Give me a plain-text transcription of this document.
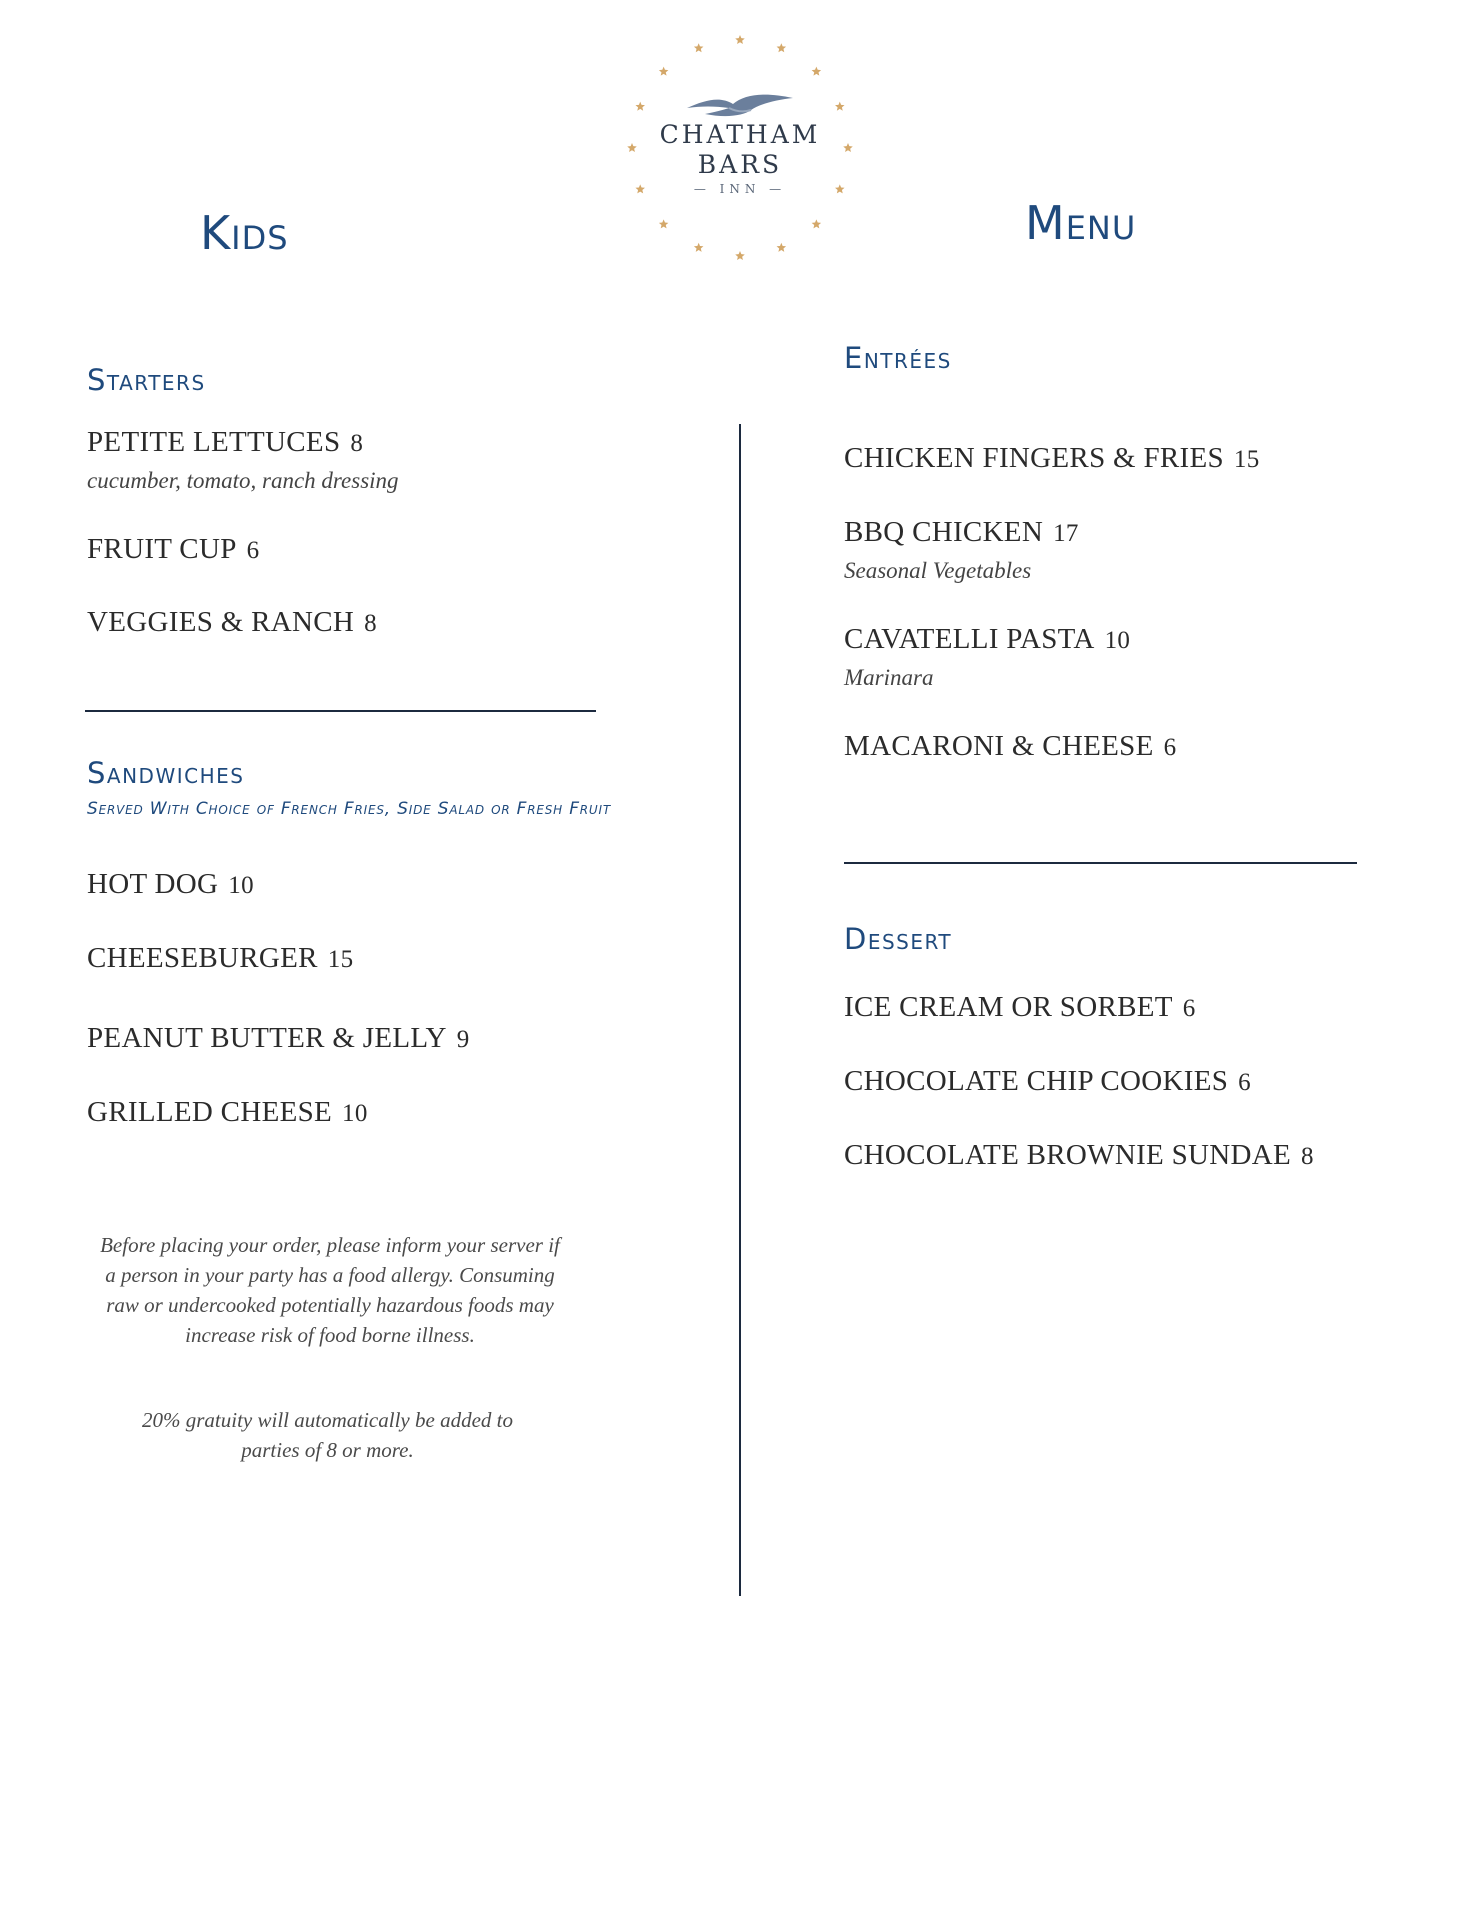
CHATHAM
BARS
— INN —
Kids	Menu
Starters
PETITE LETTUCES 8
cucumber, tomato, ranch dressing
FRUIT CUP 6
VEGGIES & RANCH 8
Sandwiches
Served With Choice of French Fries, Side Salad or Fresh Fruit
HOT DOG 10
CHEESEBURGER 15
PEANUT BUTTER & JELLY 9
GRILLED CHEESE 10
Before placing your order, please inform your server if a person in your party has a food allergy. Consuming raw or undercooked potentially hazardous foods may increase risk of food borne illness.
20% gratuity will automatically be added to parties of 8 or more.
Entrées
CHICKEN FINGERS & FRIES 15
BBQ CHICKEN 17
Seasonal Vegetables
CAVATELLI PASTA 10
Marinara
MACARONI & CHEESE 6
Dessert
ICE CREAM OR SORBET 6
CHOCOLATE CHIP COOKIES 6
CHOCOLATE BROWNIE SUNDAE 8
